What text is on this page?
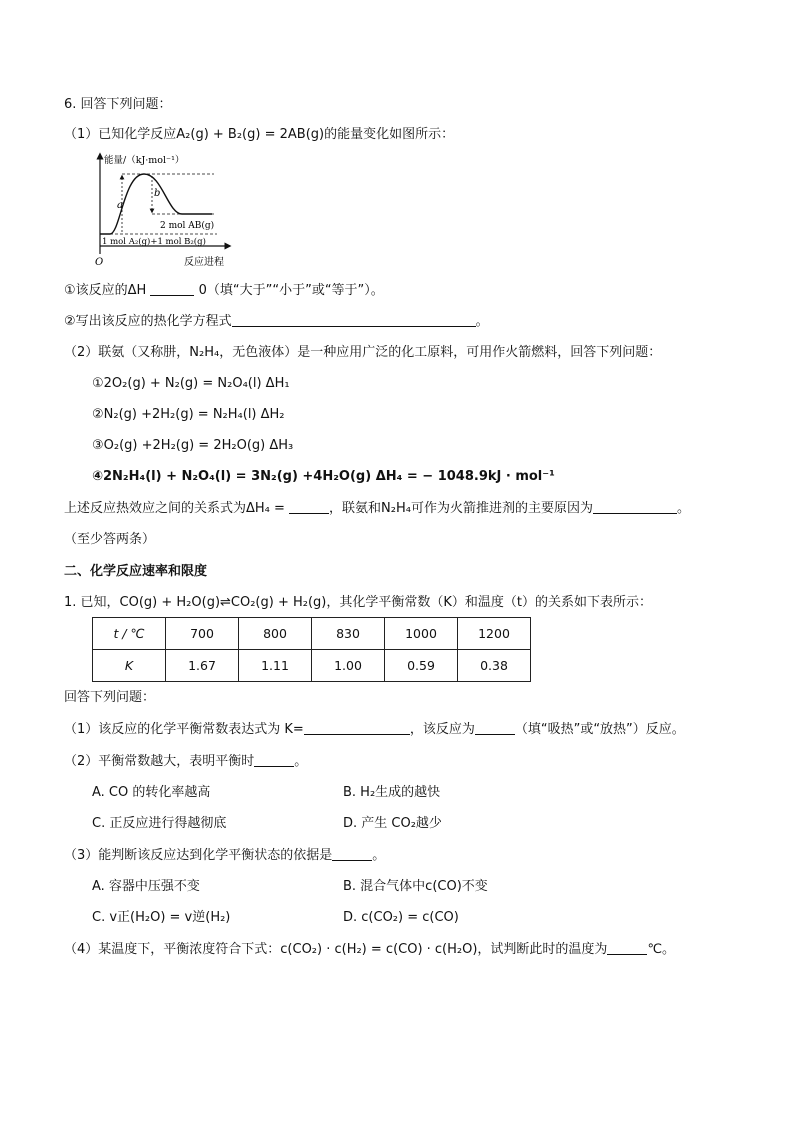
6. 回答下列问题：
（1）已知化学反应A₂(g) + B₂(g) = 2AB(g)的能量变化如图所示：
能量/（kJ·mol⁻¹）
a
b
2 mol AB(g)
1 mol A₂(g)+1 mol B₂(g)
O	反应进程
①该反应的ΔH	0（填“大于”“小于”或“等于”）。
②写出该反应的热化学方程式	。
（2）联氨（又称肼，N₂H₄，无色液体）是一种应用广泛的化工原料，可用作火箭燃料，回答下列问题：
①2O₂(g) + N₂(g) = N₂O₄(l) ΔH₁
②N₂(g) +2H₂(g) = N₂H₄(l) ΔH₂
③O₂(g) +2H₂(g) = 2H₂O(g) ΔH₃
④2N₂H₄(l) + N₂O₄(l) = 3N₂(g) +4H₂O(g) ΔH₄ = − 1048.9kJ · mol⁻¹
上述反应热效应之间的关系式为ΔH₄ =	，联氨和N₂H₄可作为火箭推进剂的主要原因为	。
（至少答两条）
二、化学反应速率和限度
1. 已知，CO(g) + H₂O(g)⇌CO₂(g) + H₂(g)，其化学平衡常数（K）和温度（t）的关系如下表所示：
t / ℃	700	800	830	1000	1200
K	1.67	1.11	1.00	0.59	0.38
回答下列问题：
（1）该反应的化学平衡常数表达式为 K=	，该反应为	（填“吸热”或“放热”）反应。
（2）平衡常数越大，表明平衡时	。
A. CO 的转化率越高	B. H₂生成的越快
C. 正反应进行得越彻底	D. 产生 CO₂越少
（3）能判断该反应达到化学平衡状态的依据是	。
A. 容器中压强不变	B. 混合气体中c(CO)不变
C. v正(H₂O) = v逆(H₂)	D. c(CO₂) = c(CO)
（4）某温度下，平衡浓度符合下式：c(CO₂) · c(H₂) = c(CO) · c(H₂O)，试判断此时的温度为	℃。
